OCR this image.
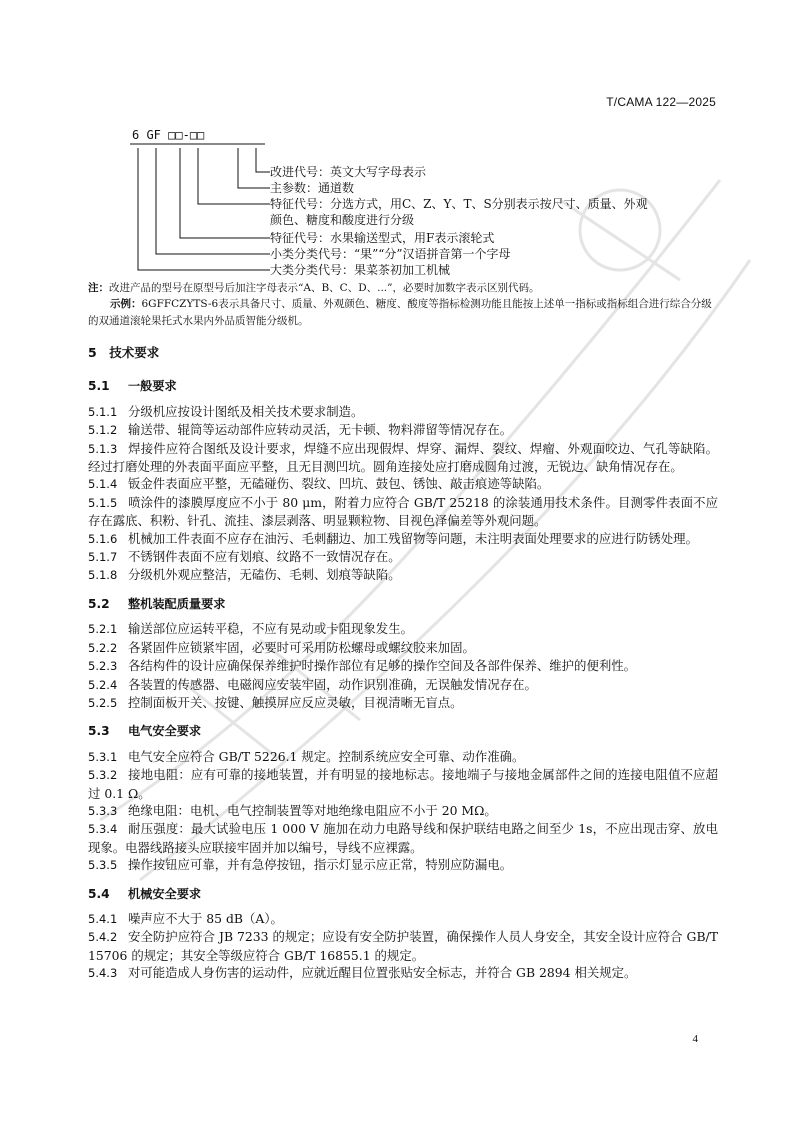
T/CAMA 122—2025
6 GF □□-□□
改进代号：英文大写字母表示
主参数：通道数
特征代号：分选方式，用C、Z、Y、T、S分别表示按尺寸、质量、外观
颜色、糖度和酸度进行分级
特征代号：水果输送型式，用F表示滚轮式
小类分类代号：“果”“分”汉语拼音第一个字母
大类分类代号：果菜茶初加工机械
注：改进产品的型号在原型号后加注字母表示“A、B、C、D、...”，必要时加数字表示区别代码。
示例：6GFFCZYTS-6表示具备尺寸、质量、外观颜色、糖度、酸度等指标检测功能且能按上述单一指标或指标组合进行综合分级的双通道滚轮果托式水果内外品质智能分级机。
5　技术要求
5.1 一般要求

5.1.1 分级机应按设计图纸及相关技术要求制造。

5.1.2 输送带、辊筒等运动部件应转动灵活，无卡顿、物料滞留等情况存在。

5.1.3 焊接件应符合图纸及设计要求，焊缝不应出现假焊、焊穿、漏焊、裂纹、焊瘤、外观面咬边、气孔等缺陷。经过打磨处理的外表面平面应平整，且无目测凹坑。圆角连接处应打磨成圆角过渡，无锐边、缺角情况存在。

5.1.4 钣金件表面应平整，无磕碰伤、裂纹、凹坑、鼓包、锈蚀、敲击痕迹等缺陷。

5.1.5 喷涂件的漆膜厚度应不小于 80 μm，附着力应符合 GB/T 25218 的涂装通用技术条件。目测零件表面不应存在露底、积粉、针孔、流挂、漆层剥落、明显颗粒物、目视色泽偏差等外观问题。

5.1.6 机械加工件表面不应存在油污、毛刺翻边、加工残留物等问题，未注明表面处理要求的应进行防锈处理。

5.1.7 不锈钢件表面不应有划痕、纹路不一致情况存在。

5.1.8 分级机外观应整洁，无磕伤、毛刺、划痕等缺陷。

5.2 整机装配质量要求

5.2.1 输送部位应运转平稳，不应有晃动或卡阻现象发生。

5.2.2 各紧固件应锁紧牢固，必要时可采用防松螺母或螺纹胶来加固。

5.2.3 各结构件的设计应确保保养维护时操作部位有足够的操作空间及各部件保养、维护的便利性。

5.2.4 各装置的传感器、电磁阀应安装牢固，动作识别准确，无误触发情况存在。

5.2.5 控制面板开关、按键、触摸屏应反应灵敏，目视清晰无盲点。

5.3 电气安全要求

5.3.1 电气安全应符合 GB/T 5226.1 规定。控制系统应安全可靠、动作准确。

5.3.2 接地电阻：应有可靠的接地装置，并有明显的接地标志。接地端子与接地金属部件之间的连接电阻值不应超过 0.1 Ω。

5.3.3 绝缘电阻：电机、电气控制装置等对地绝缘电阻应不小于 20 MΩ。

5.3.4 耐压强度：最大试验电压 1 000 V 施加在动力电路导线和保护联结电路之间至少 1s，不应出现击穿、放电现象。电器线路接头应联接牢固并加以编号，导线不应裸露。

5.3.5 操作按钮应可靠，并有急停按钮，指示灯显示应正常，特别应防漏电。

5.4 机械安全要求

5.4.1 噪声应不大于 85 dB（A）。

5.4.2 安全防护应符合 JB 7233 的规定；应设有安全防护装置，确保操作人员人身安全，其安全设计应符合 GB/T 15706 的规定；其安全等级应符合 GB/T 16855.1 的规定。

5.4.3 对可能造成人身伤害的运动件，应就近醒目位置张贴安全标志，并符合 GB 2894 相关规定。

4
